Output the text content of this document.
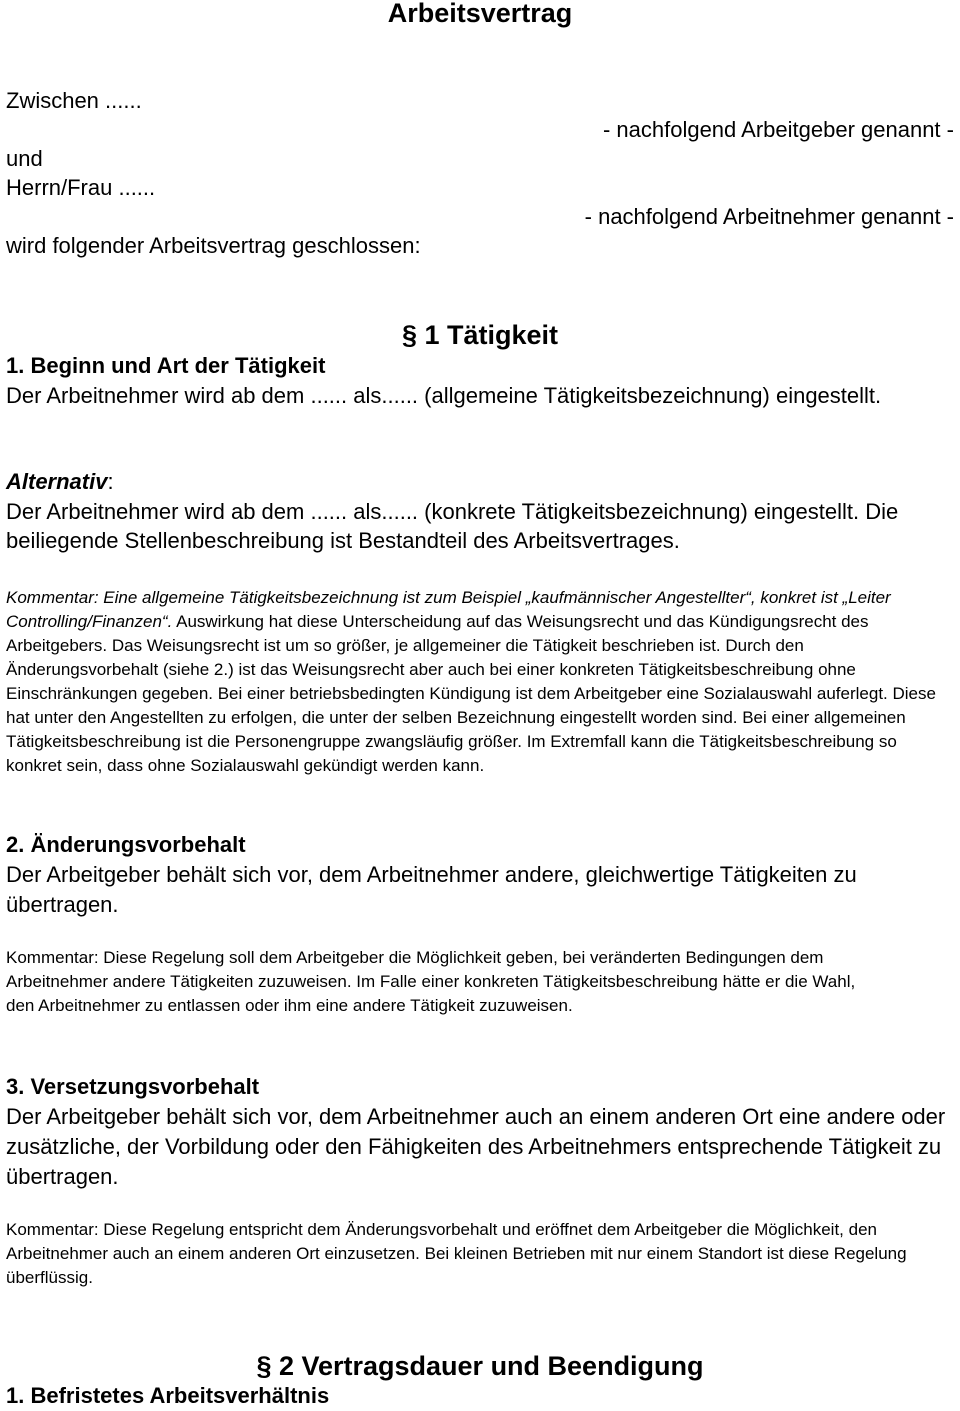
Arbeitsvertrag
Zwischen ......
- nachfolgend Arbeitgeber genannt -
und
Herrn/Frau ......
- nachfolgend Arbeitnehmer genannt -
wird folgender Arbeitsvertrag geschlossen:
§ 1 Tätigkeit
1. Beginn und Art der Tätigkeit
Der Arbeitnehmer wird ab dem ...... als...... (allgemeine Tätigkeitsbezeichnung) eingestellt.
Alternativ:
Der Arbeitnehmer wird ab dem ...... als...... (konkrete Tätigkeitsbezeichnung) eingestellt. Die beiliegende Stellenbeschreibung ist Bestandteil des Arbeitsvertrages.
Kommentar: Eine allgemeine Tätigkeitsbezeichnung ist zum Beispiel „kaufmännischer Angestellter“, konkret ist „Leiter Controlling/Finanzen“. Auswirkung hat diese Unterscheidung auf das Weisungsrecht und das Kündigungsrecht des Arbeitgebers. Das Weisungsrecht ist um so größer, je allgemeiner die Tätigkeit beschrieben ist. Durch den Änderungsvorbehalt (siehe 2.) ist das Weisungsrecht aber auch bei einer konkreten Tätigkeitsbeschreibung ohne Einschränkungen gegeben. Bei einer betriebsbedingten Kündigung ist dem Arbeitgeber eine Sozialauswahl auferlegt. Diese hat unter den Angestellten zu erfolgen, die unter der selben Bezeichnung eingestellt worden sind. Bei einer allgemeinen Tätigkeitsbeschreibung ist die Personengruppe zwangsläufig größer. Im Extremfall kann die Tätigkeitsbeschreibung so konkret sein, dass ohne Sozialauswahl gekündigt werden kann.
2. Änderungsvorbehalt
Der Arbeitgeber behält sich vor, dem Arbeitnehmer andere, gleichwertige Tätigkeiten zu übertragen.
Kommentar: Diese Regelung soll dem Arbeitgeber die Möglichkeit geben, bei veränderten Bedingungen dem Arbeitnehmer andere Tätigkeiten zuzuweisen. Im Falle einer konkreten Tätigkeitsbeschreibung hätte er die Wahl, den Arbeitnehmer zu entlassen oder ihm eine andere Tätigkeit zuzuweisen.
3. Versetzungsvorbehalt
Der Arbeitgeber behält sich vor, dem Arbeitnehmer auch an einem anderen Ort eine andere oder zusätzliche, der Vorbildung oder den Fähigkeiten des Arbeitnehmers entsprechende Tätigkeit zu übertragen.
Kommentar: Diese Regelung entspricht dem Änderungsvorbehalt und eröffnet dem Arbeitgeber die Möglichkeit, den Arbeitnehmer auch an einem anderen Ort einzusetzen. Bei kleinen Betrieben mit nur einem Standort ist diese Regelung überflüssig.
§ 2 Vertragsdauer und Beendigung
1. Befristetes Arbeitsverhältnis
